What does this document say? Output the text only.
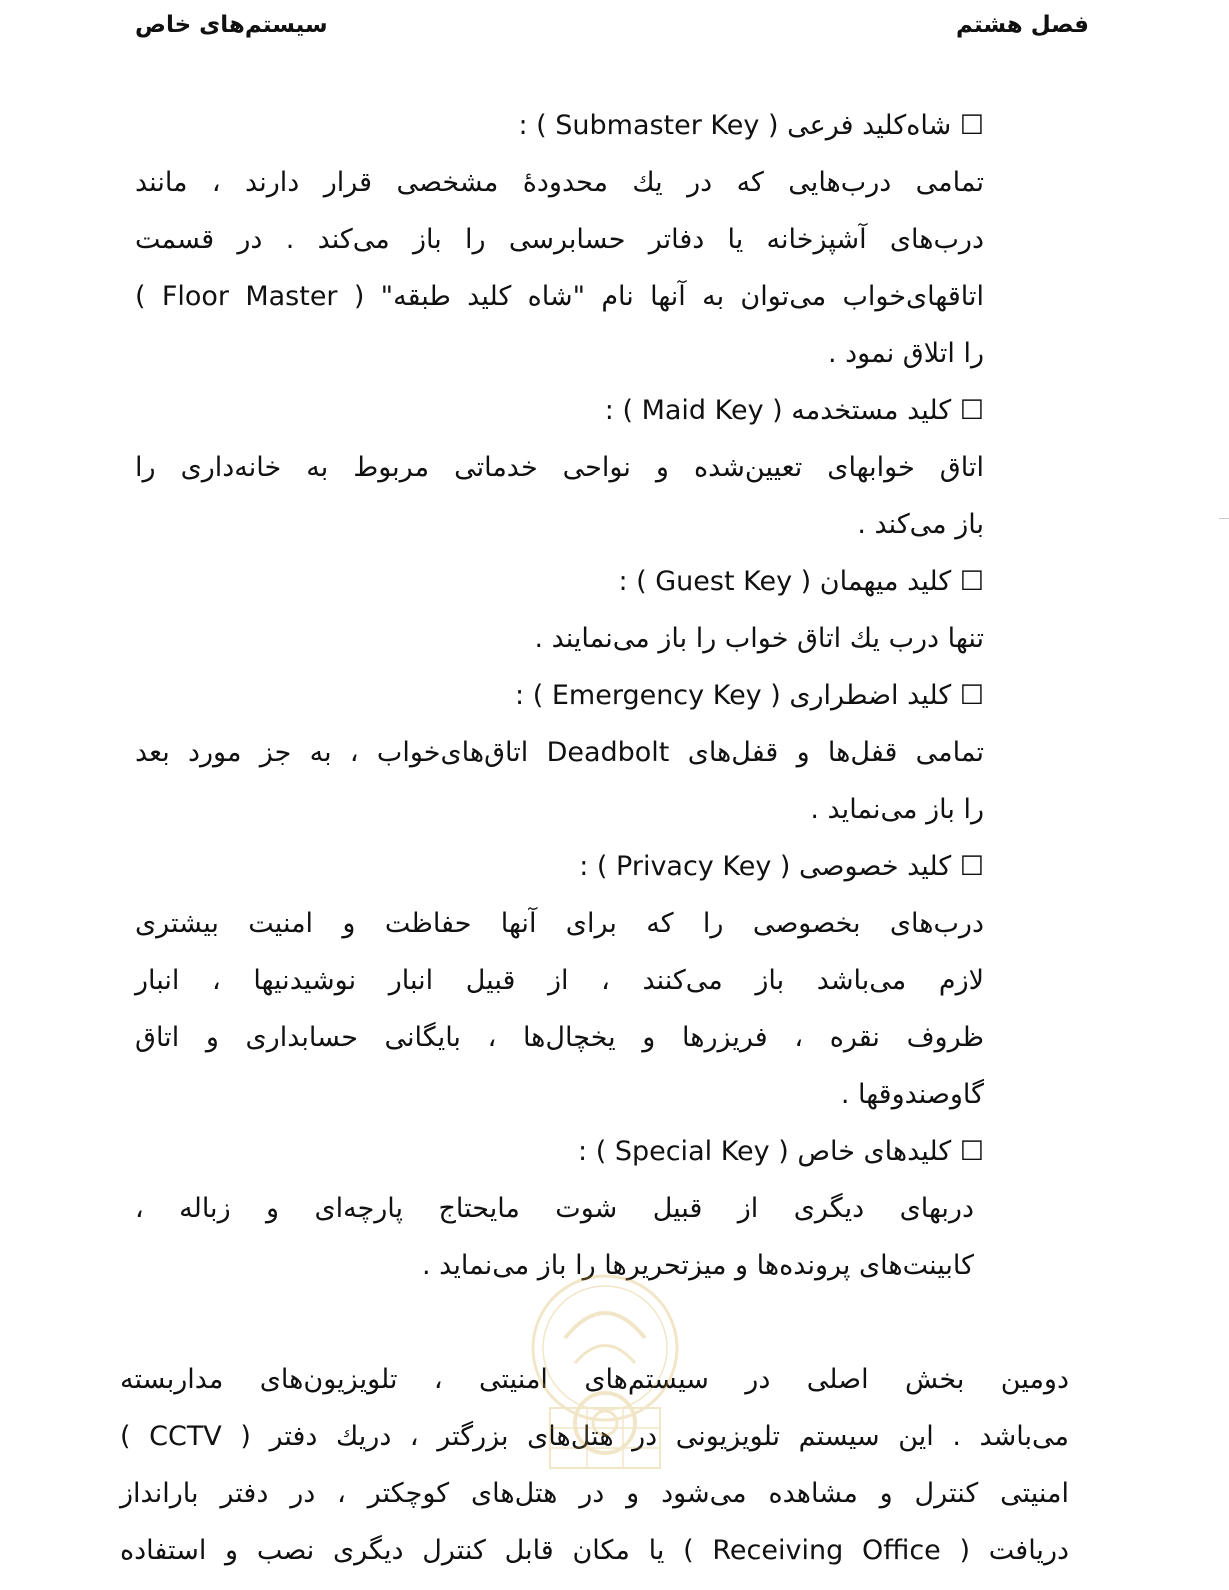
فصل هشتم
سیستم‌های خاص
☐ شاه‌کلید فرعی ( Submaster Key ) :
تمامی درب‌هایی که در یك محدودهٔ مشخصی قرار دارند ، مانند
درب‌های آشپزخانه یا دفاتر حسابرسی را باز می‌کند . در قسمت
اتاقهای‌خواب می‌توان به آنها نام "شاه کلید طبقه" ( Floor Master )
را اتلاق نمود .
☐ کلید مستخدمه ( Maid Key ) :
اتاق خوابهای تعیین‌شده و نواحی خدماتی مربوط به خانه‌داری را
باز می‌کند .
☐ کلید میهمان ( Guest Key ) :
تنها درب یك اتاق خواب را باز می‌نمایند .
☐ کلید اضطراری ( Emergency Key ) :
تمامی قفل‌ها و قفل‌های Deadbolt اتاق‌های‌خواب ، به جز مورد بعد
را باز می‌نماید .
☐ کلید خصوصی ( Privacy Key ) :
درب‌های بخصوصی را که برای آنها حفاظت و امنیت بیشتری
لازم می‌باشد باز می‌کنند ، از قبیل انبار نوشیدنیها ، انبار
ظروف نقره ، فریزرها و یخچال‌ها ، بایگانی حسابداری و اتاق
گاوصندوقها .
☐ کلیدهای خاص ( Special Key ) :
دربهای دیگری از قبیل شوت مایحتاج پارچه‌ای و زباله ،
کابینت‌های پرونده‌ها و میزتحریرها را باز می‌نماید .
دومین بخش اصلی در سیستم‌های امنیتی ، تلویزیون‌های مداربسته
( CCTV ) می‌باشد . این سیستم تلویزیونی در هتل‌های بزرگتر ، دریك دفتر
امنیتی کنترل و مشاهده می‌شود و در هتل‌های کوچکتر ، در دفتر بارانداز
دریافت ( Receiving Office ) یا مکان قابل کنترل دیگری نصب و استفاده
